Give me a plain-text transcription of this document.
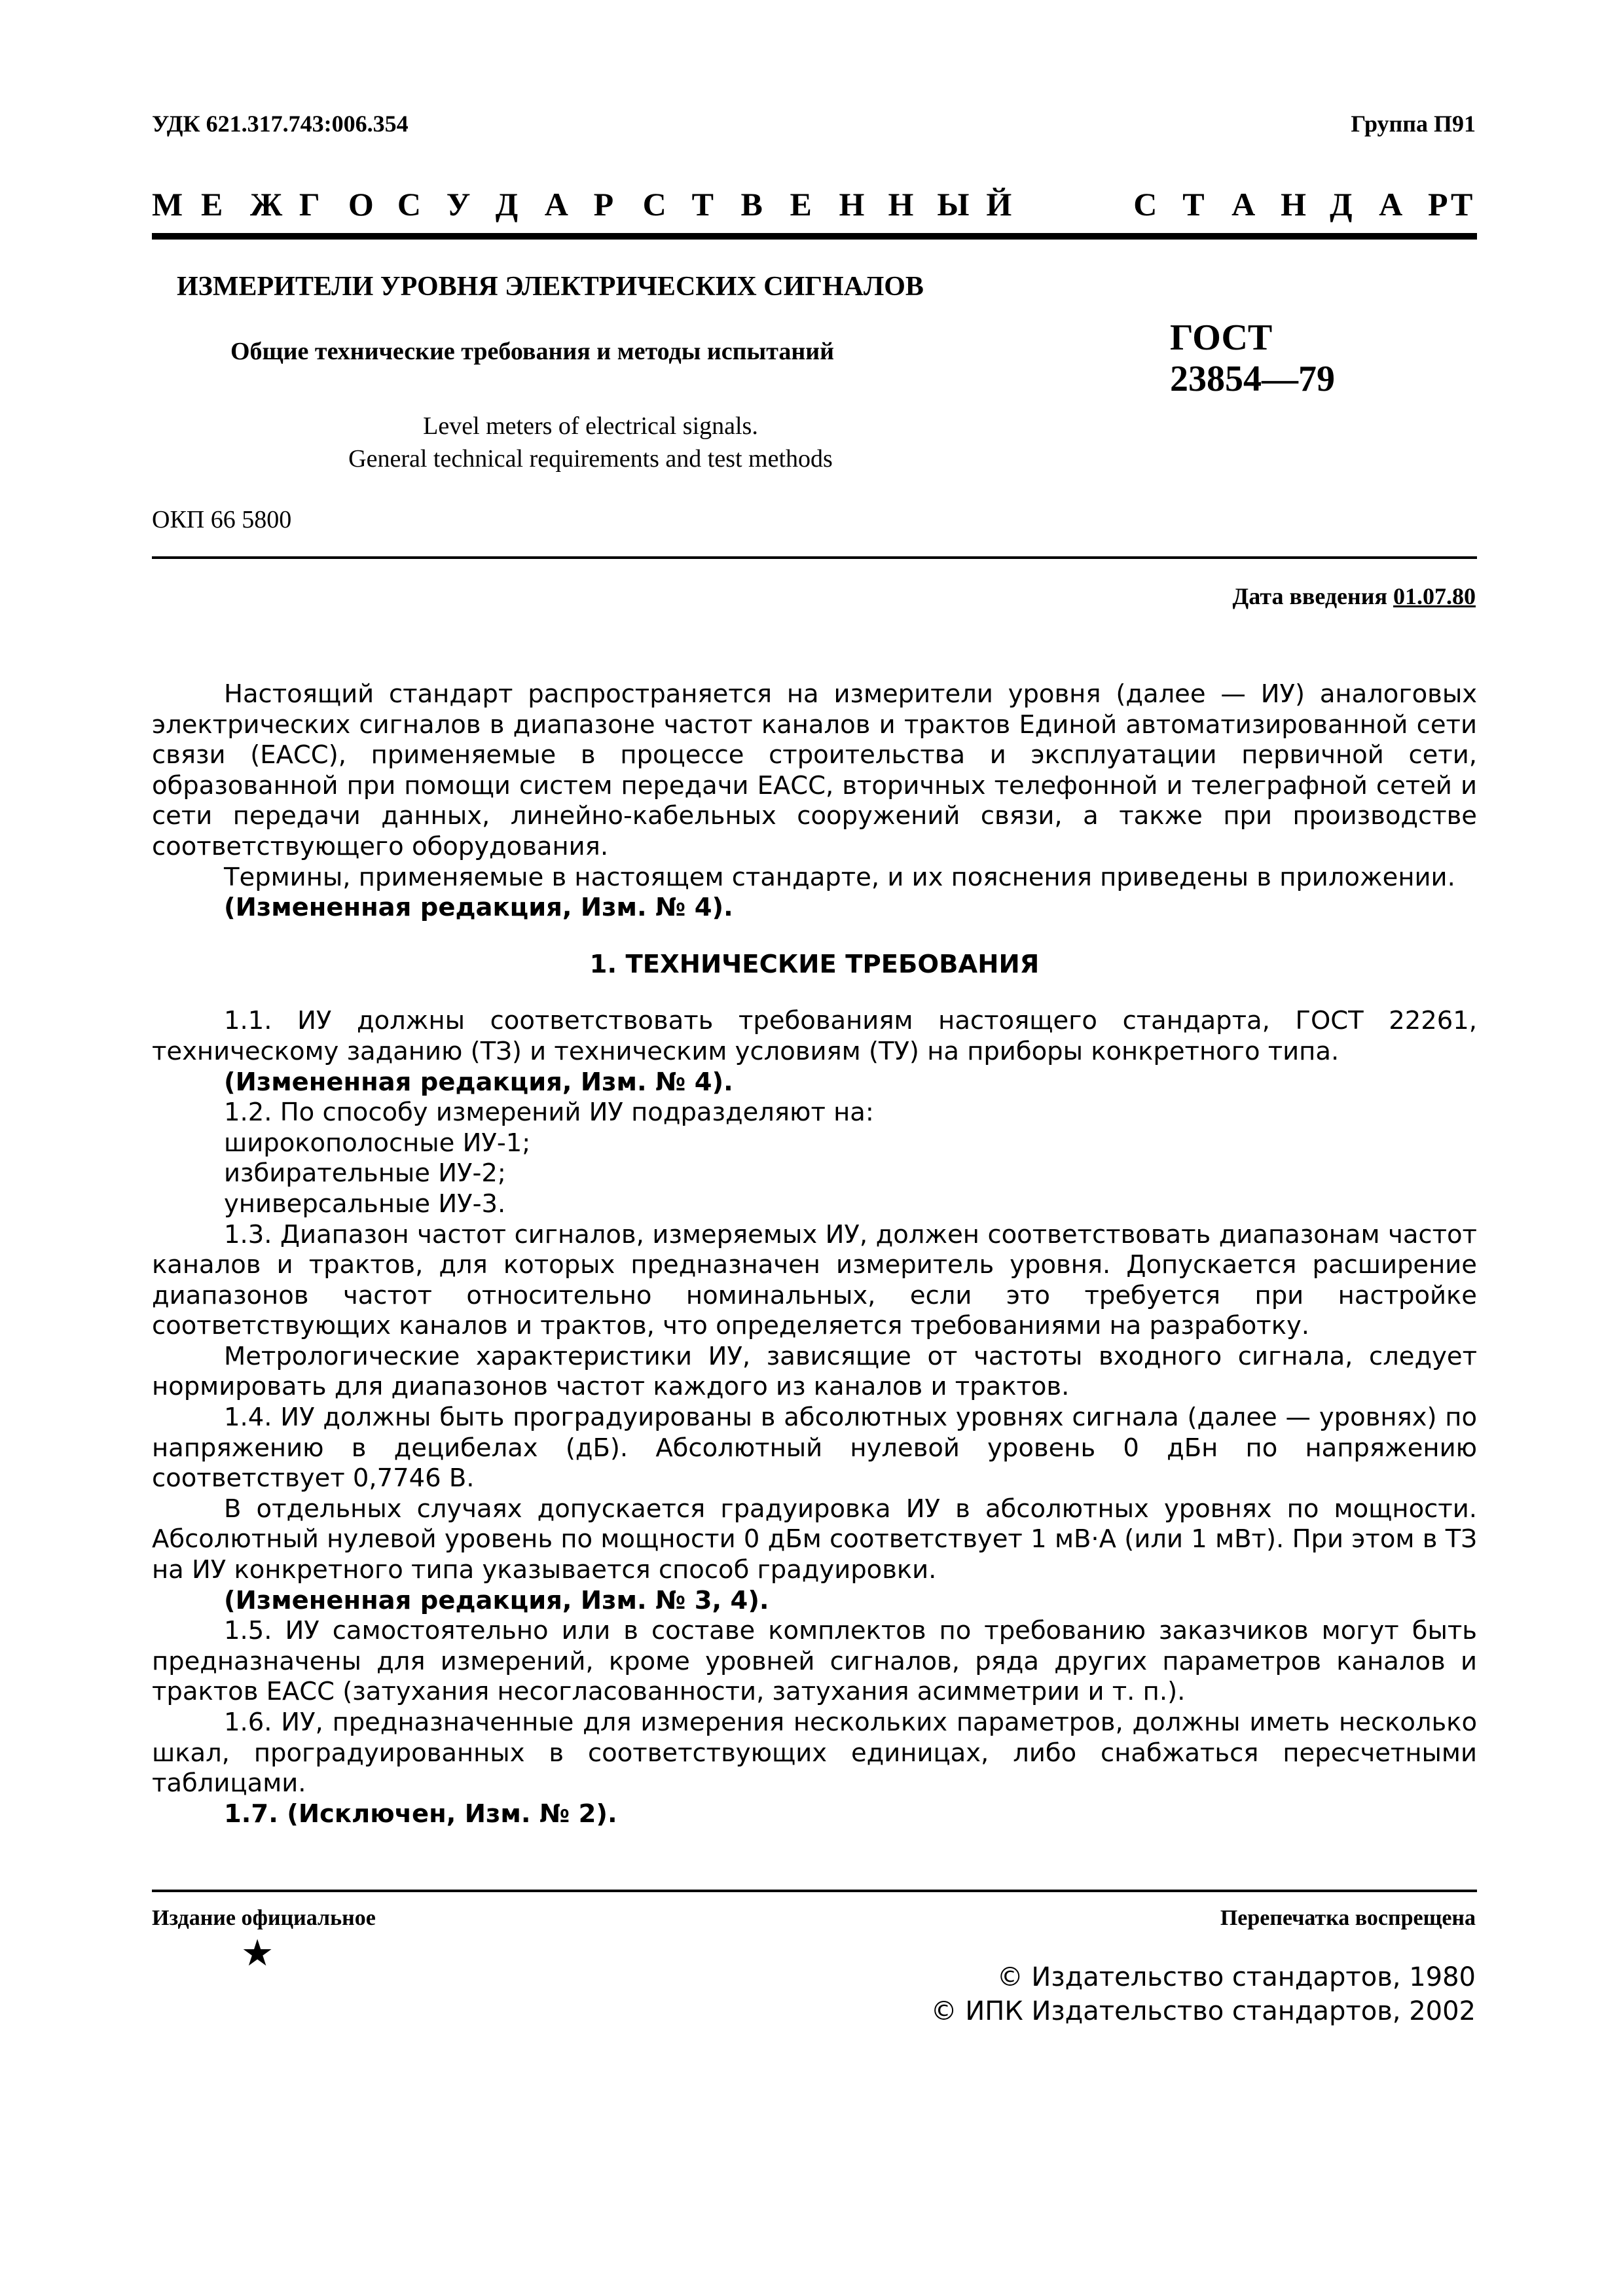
УДК 621.317.743:006.354	Группа П91
М Е Ж Г О С У Д А Р С Т В Е Н Н Ы Й	С Т А Н Д А Р Т
ИЗМЕРИТЕЛИ УРОВНЯ ЭЛЕКТРИЧЕСКИХ СИГНАЛОВ
Общие технические требования и методы испытаний	ГОСТ
23854—79
Level meters of electrical signals.
General technical requirements and test methods
ОКП 66 5800
Дата введения 01.07.80

Настоящий стандарт распространяется на измерители уровня (далее — ИУ) аналоговых электрических сигналов в диапазоне частот каналов и трактов Единой автоматизированной сети связи (ЕАСС), применяемые в процессе строительства и эксплуатации первичной сети, образованной при помощи систем передачи ЕАСС, вторичных телефонной и телеграфной сетей и сети передачи данных, линейно-кабельных сооружений связи, а также при производстве соответствующего оборудования.

Термины, применяемые в настоящем стандарте, и их пояснения приведены в приложении.

(Измененная редакция, Изм. № 4).

1. ТЕХНИЧЕСКИЕ ТРЕБОВАНИЯ

1.1. ИУ должны соответствовать требованиям настоящего стандарта, ГОСТ 22261, техническому заданию (ТЗ) и техническим условиям (ТУ) на приборы конкретного типа.

(Измененная редакция, Изм. № 4).

1.2. По способу измерений ИУ подразделяют на:

широкополосные ИУ-1;

избирательные ИУ-2;

универсальные ИУ-3.

1.3. Диапазон частот сигналов, измеряемых ИУ, должен соответствовать диапазонам частот каналов и трактов, для которых предназначен измеритель уровня. Допускается расширение диапазонов частот относительно номинальных, если это требуется при настройке соответствующих каналов и трактов, что определяется требованиями на разработку.

Метрологические характеристики ИУ, зависящие от частоты входного сигнала, следует нормировать для диапазонов частот каждого из каналов и трактов.

1.4. ИУ должны быть проградуированы в абсолютных уровнях сигнала (далее — уровнях) по напряжению в децибелах (дБ). Абсолютный нулевой уровень 0 дБн по напряжению соответствует 0,7746 В.

В отдельных случаях допускается градуировка ИУ в абсолютных уровнях по мощности. Абсолютный нулевой уровень по мощности 0 дБм соответствует 1 мВ·А (или 1 мВт). При этом в ТЗ на ИУ конкретного типа указывается способ градуировки.

(Измененная редакция, Изм. № 3, 4).

1.5. ИУ самостоятельно или в составе комплектов по требованию заказчиков могут быть предназначены для измерений, кроме уровней сигналов, ряда других параметров каналов и трактов ЕАСС (затухания несогласованности, затухания асимметрии и т. п.).

1.6. ИУ, предназначенные для измерения нескольких параметров, должны иметь несколько шкал, проградуированных в соответствующих единицах, либо снабжаться пересчетными таблицами.

1.7. (Исключен, Изм. № 2).

Издание официальное
★
Перепечатка воспрещена
© Издательство стандартов, 1980
© ИПК Издательство стандартов, 2002
